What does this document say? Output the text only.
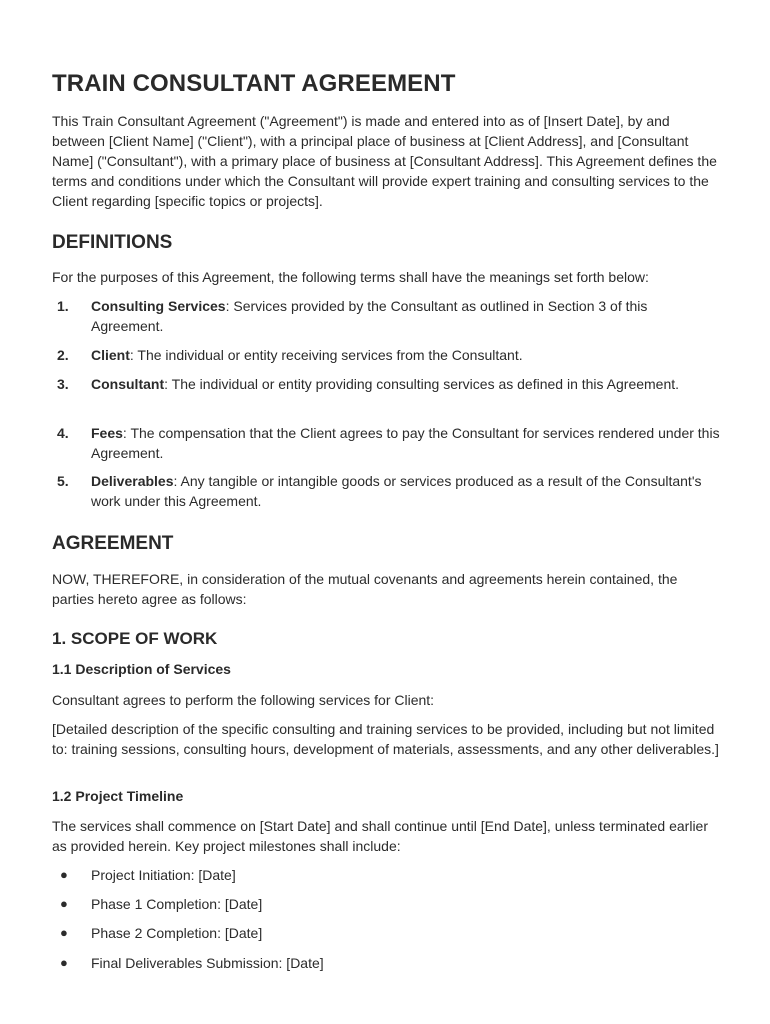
TRAIN CONSULTANT AGREEMENT

This Train Consultant Agreement ("Agreement") is made and entered into as of [Insert Date], by and between [Client Name] ("Client"), with a principal place of business at [Client Address], and [Consultant Name] ("Consultant"), with a primary place of business at [Consultant Address]. This Agreement defines the terms and conditions under which the Consultant will provide expert training and consulting services to the Client regarding [specific topics or projects].

DEFINITIONS

For the purposes of this Agreement, the following terms shall have the meanings set forth below:

1. Consulting Services: Services provided by the Consultant as outlined in Section 3 of this Agreement.
2. Client: The individual or entity receiving services from the Consultant.
3. Consultant: The individual or entity providing consulting services as defined in this Agreement.
4. Fees: The compensation that the Client agrees to pay the Consultant for services rendered under this Agreement.
5. Deliverables: Any tangible or intangible goods or services produced as a result of the Consultant's work under this Agreement.
AGREEMENT

NOW, THEREFORE, in consideration of the mutual covenants and agreements herein contained, the parties hereto agree as follows:

1. SCOPE OF WORK
1.1 Description of Services

Consultant agrees to perform the following services for Client:

[Detailed description of the specific consulting and training services to be provided, including but not limited to: training sessions, consulting hours, development of materials, assessments, and any other deliverables.]

1.2 Project Timeline

The services shall commence on [Start Date] and shall continue until [End Date], unless terminated earlier as provided herein. Key project milestones shall include:

● Project Initiation: [Date]
● Phase 1 Completion: [Date]
● Phase 2 Completion: [Date]
● Final Deliverables Submission: [Date]
